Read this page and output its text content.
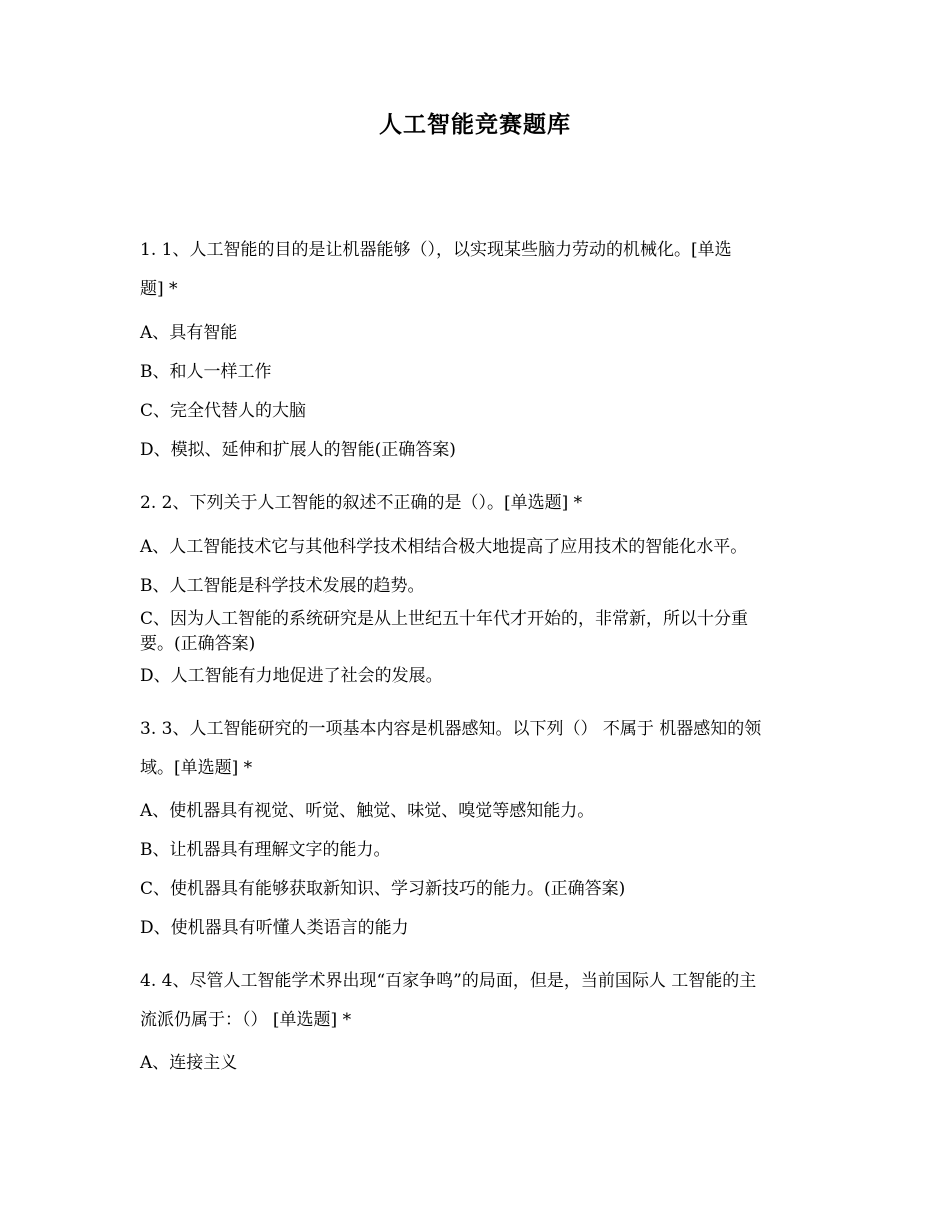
人工智能竞赛题库

1. 1、人工智能的目的是让机器能够（），以实现某些脑力劳动的机械化。[单选

题] *

A、具有智能

B、和人一样工作

C、完全代替人的大脑

D、模拟、延伸和扩展人的智能(正确答案)

2. 2、下列关于人工智能的叙述不正确的是（）。[单选题] *

A、人工智能技术它与其他科学技术相结合极大地提高了应用技术的智能化水平。

B、人工智能是科学技术发展的趋势。

C、因为人工智能的系统研究是从上世纪五十年代才开始的，非常新，所以十分重

要。(正确答案)

D、人工智能有力地促进了社会的发展。

3. 3、人工智能研究的一项基本内容是机器感知。以下列（） 不属于 机器感知的领

域。[单选题] *

A、使机器具有视觉、听觉、触觉、味觉、嗅觉等感知能力。

B、让机器具有理解文字的能力。

C、使机器具有能够获取新知识、学习新技巧的能力。(正确答案)

D、使机器具有听懂人类语言的能力

4. 4、尽管人工智能学术界出现“百家争鸣”的局面，但是，当前国际人 工智能的主

流派仍属于：（） [单选题] *

A、连接主义
